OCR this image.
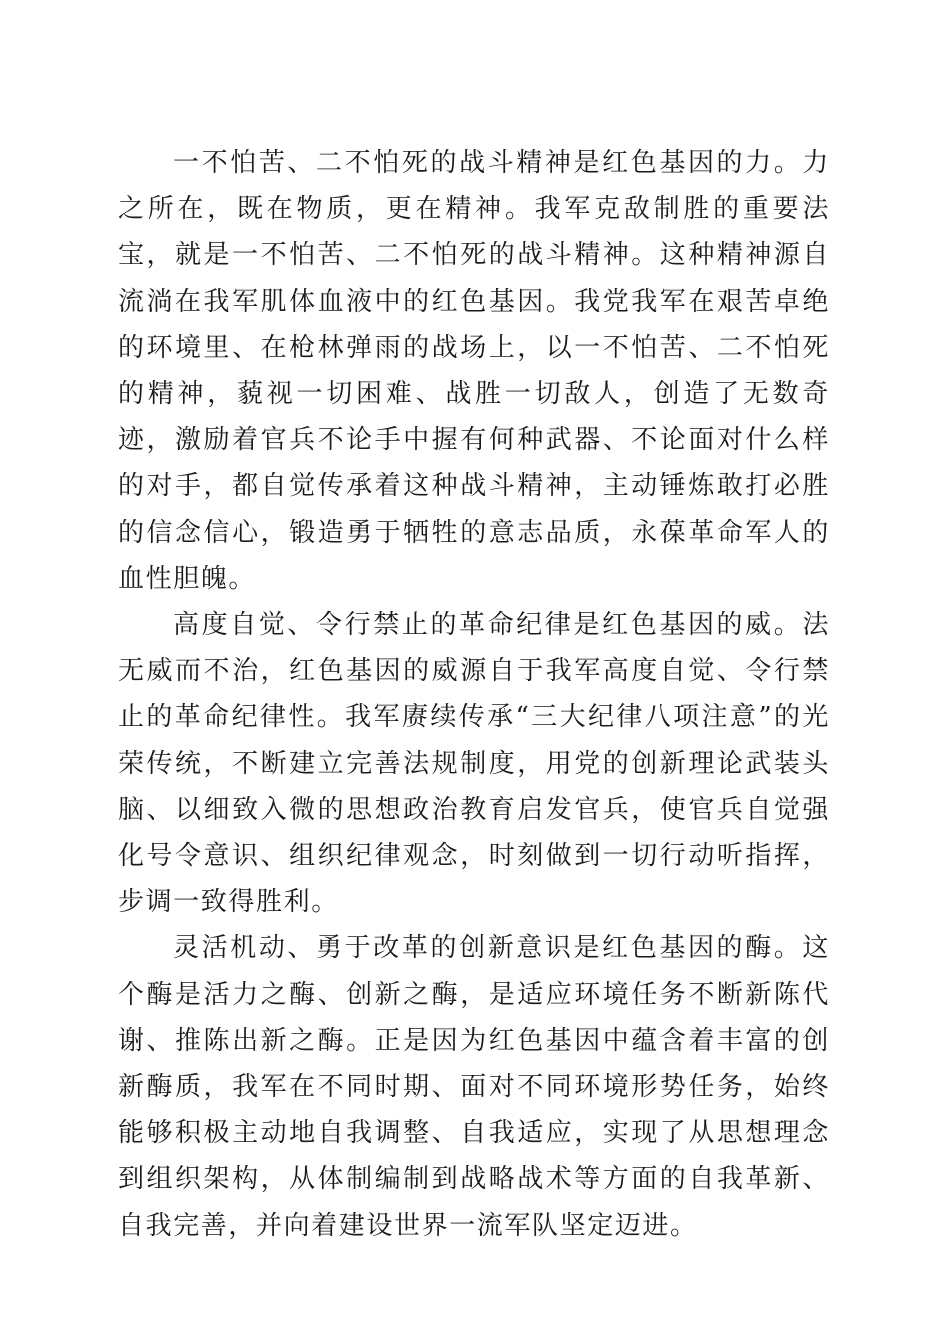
一不怕苦、二不怕死的战斗精神是红色基因的力。力之所在，既在物质，更在精神。我军克敌制胜的重要法宝，就是一不怕苦、二不怕死的战斗精神。这种精神源自流淌在我军肌体血液中的红色基因。我党我军在艰苦卓绝的环境里、在枪林弹雨的战场上，以一不怕苦、二不怕死的精神，藐视一切困难、战胜一切敌人，创造了无数奇迹，激励着官兵不论手中握有何种武器、不论面对什么样的对手，都自觉传承着这种战斗精神，主动锤炼敢打必胜的信念信心，锻造勇于牺牲的意志品质，永葆革命军人的血性胆魄。

高度自觉、令行禁止的革命纪律是红色基因的威。法无威而不治，红色基因的威源自于我军高度自觉、令行禁止的革命纪律性。我军赓续传承“三大纪律八项注意”的光荣传统，不断建立完善法规制度，用党的创新理论武装头脑、以细致入微的思想政治教育启发官兵，使官兵自觉强化号令意识、组织纪律观念，时刻做到一切行动听指挥，步调一致得胜利。

灵活机动、勇于改革的创新意识是红色基因的酶。这个酶是活力之酶、创新之酶，是适应环境任务不断新陈代谢、推陈出新之酶。正是因为红色基因中蕴含着丰富的创新酶质，我军在不同时期、面对不同环境形势任务，始终能够积极主动地自我调整、自我适应，实现了从思想理念到组织架构，从体制编制到战略战术等方面的自我革新、自我完善，并向着建设世界一流军队坚定迈进。
